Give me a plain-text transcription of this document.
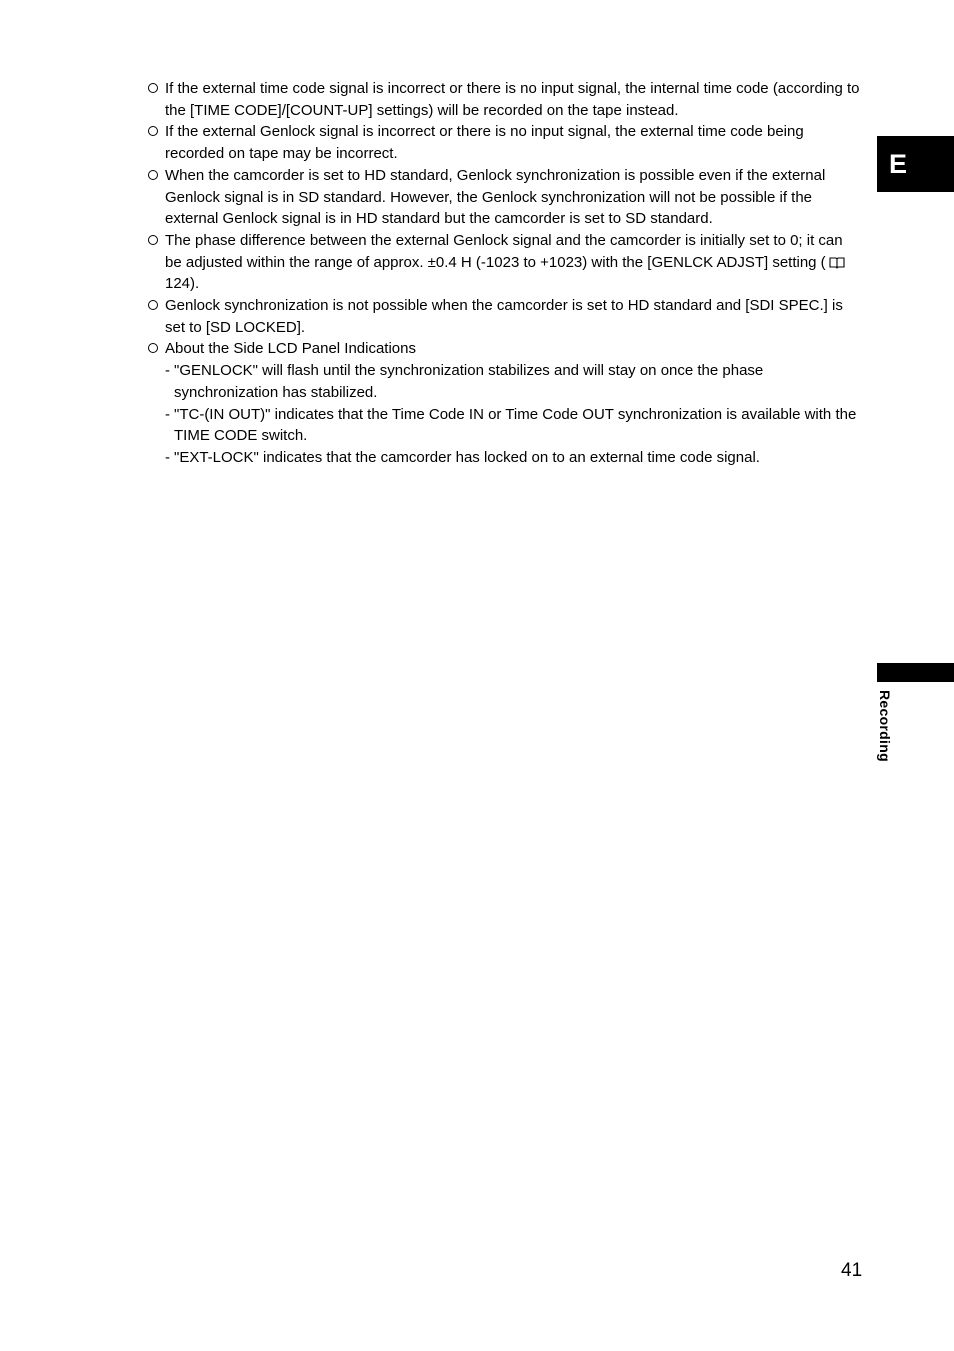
If the external time code signal is incorrect or there is no input signal, the internal time code (according to the [TIME CODE]/[COUNT-UP] settings) will be recorded on the tape instead.
If the external Genlock signal is incorrect or there is no input signal, the external time code being recorded on tape may be incorrect.
When the camcorder is set to HD standard, Genlock synchronization is possible even if the external Genlock signal is in SD standard. However, the Genlock synchronization will not be possible if the external Genlock signal is in HD standard but the camcorder is set to SD standard.
The phase difference between the external Genlock signal and the camcorder is initially set to 0; it can be adjusted within the range of approx. ±0.4 H (-1023 to +1023) with the [GENLCK ADJST] setting (124).
Genlock synchronization is not possible when the camcorder is set to HD standard and [SDI SPEC.] is set to [SD LOCKED].
About the Side LCD Panel Indications
- "GENLOCK" will flash until the synchronization stabilizes and will stay on once the phase synchronization has stabilized.
- "TC-(IN OUT)" indicates that the Time Code IN or Time Code OUT synchronization is available with the TIME CODE switch.
- "EXT-LOCK" indicates that the camcorder has locked on to an external time code signal.
E
Recording
41
